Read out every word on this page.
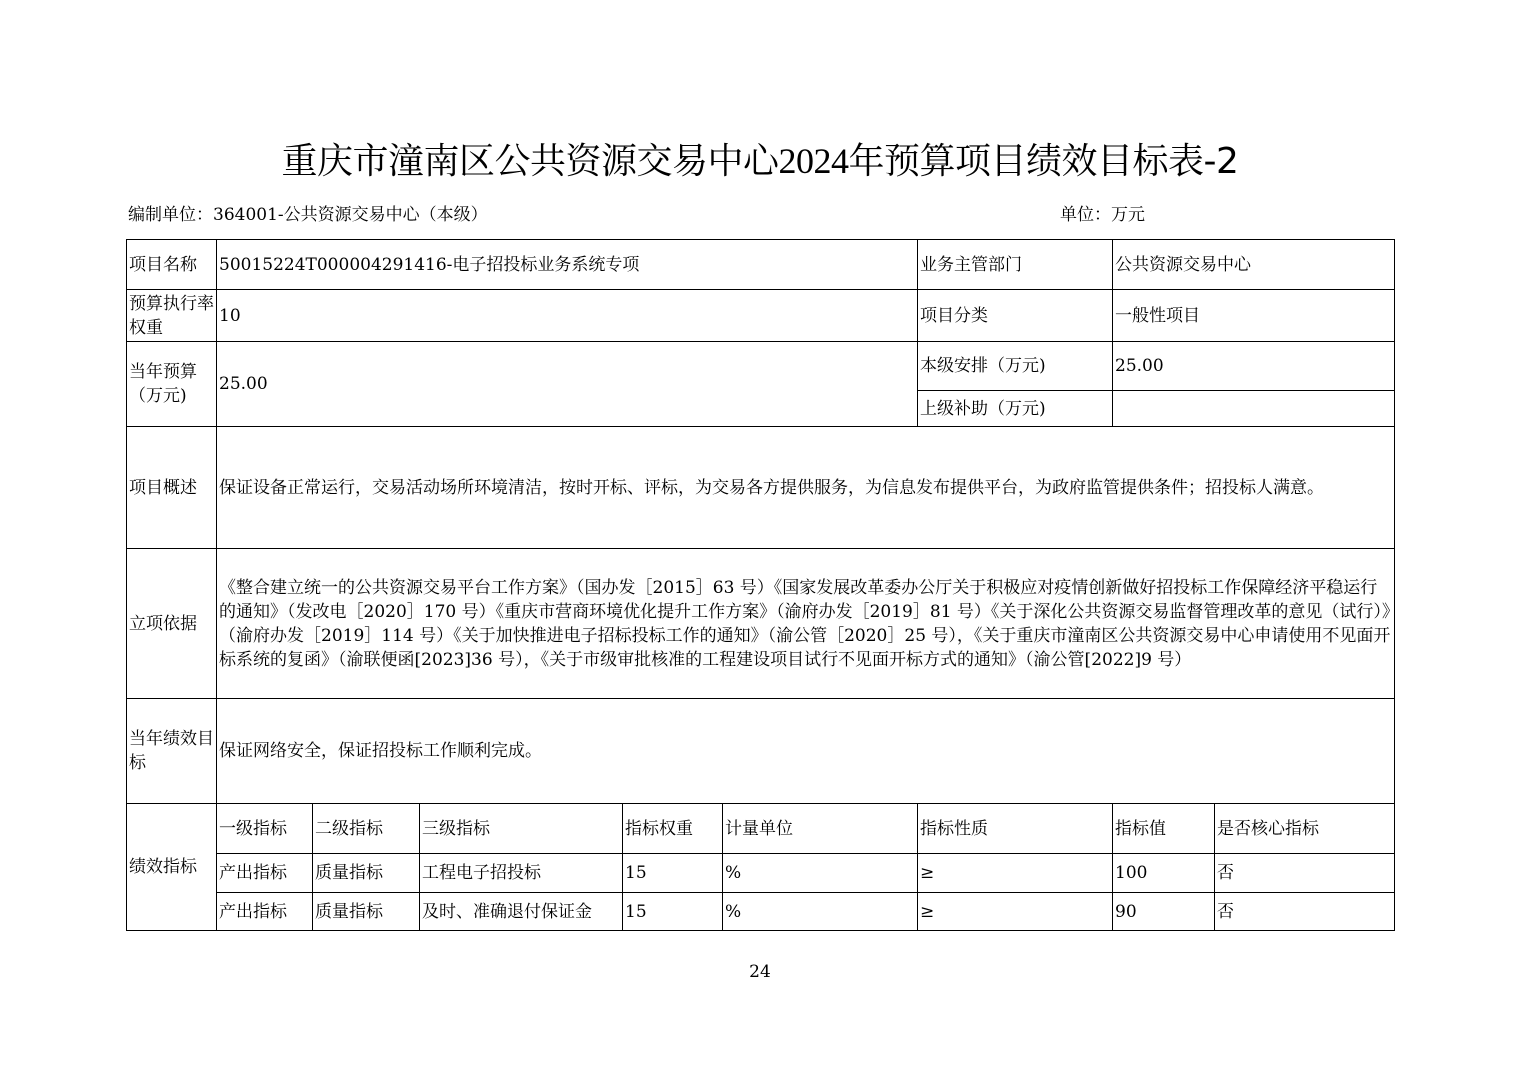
重庆市潼南区公共资源交易中心2024年预算项目绩效目标表-2
编制单位：364001-公共资源交易中心（本级）	单位：万元
项目名称	50015224T000004291416-电子招投标业务系统专项					业务主管部门	公共资源交易中心	
预算执行率权重	10					项目分类	一般性项目	
当年预算（万元)	25.00					本级安排（万元)	25.00	
						上级补助（万元)		
项目概述	保证设备正常运行，交易活动场所环境清洁，按时开标、评标，为交易各方提供服务，为信息发布提供平台，为政府监管提供条件；招投标人满意。							
立项依据	《整合建立统一的公共资源交易平台工作方案》（国办发［2015］63 号）《国家发展改革委办公厅关于积极应对疫情创新做好招投标工作保障经济平稳运行的通知》（发改电［2020］170 号）《重庆市营商环境优化提升工作方案》（渝府办发［2019］81 号）《关于深化公共资源交易监督管理改革的意见（试行）》（渝府办发［2019］114 号）《关于加快推进电子招标投标工作的通知》（渝公管［2020］25 号），《关于重庆市潼南区公共资源交易中心申请使用不见面开标系统的复函》（渝联便函[2023]36 号），《关于市级审批核准的工程建设项目试行不见面开标方式的通知》（渝公管[2022]9 号）							
当年绩效目标	保证网络安全，保证招投标工作顺利完成。							
绩效指标	一级指标	二级指标	三级指标	指标权重	计量单位	指标性质	指标值	是否核心指标
	产出指标	质量指标	工程电子招投标	15	%	≥	100	否
	产出指标	质量指标	及时、准确退付保证金	15	%	≥	90	否
24
